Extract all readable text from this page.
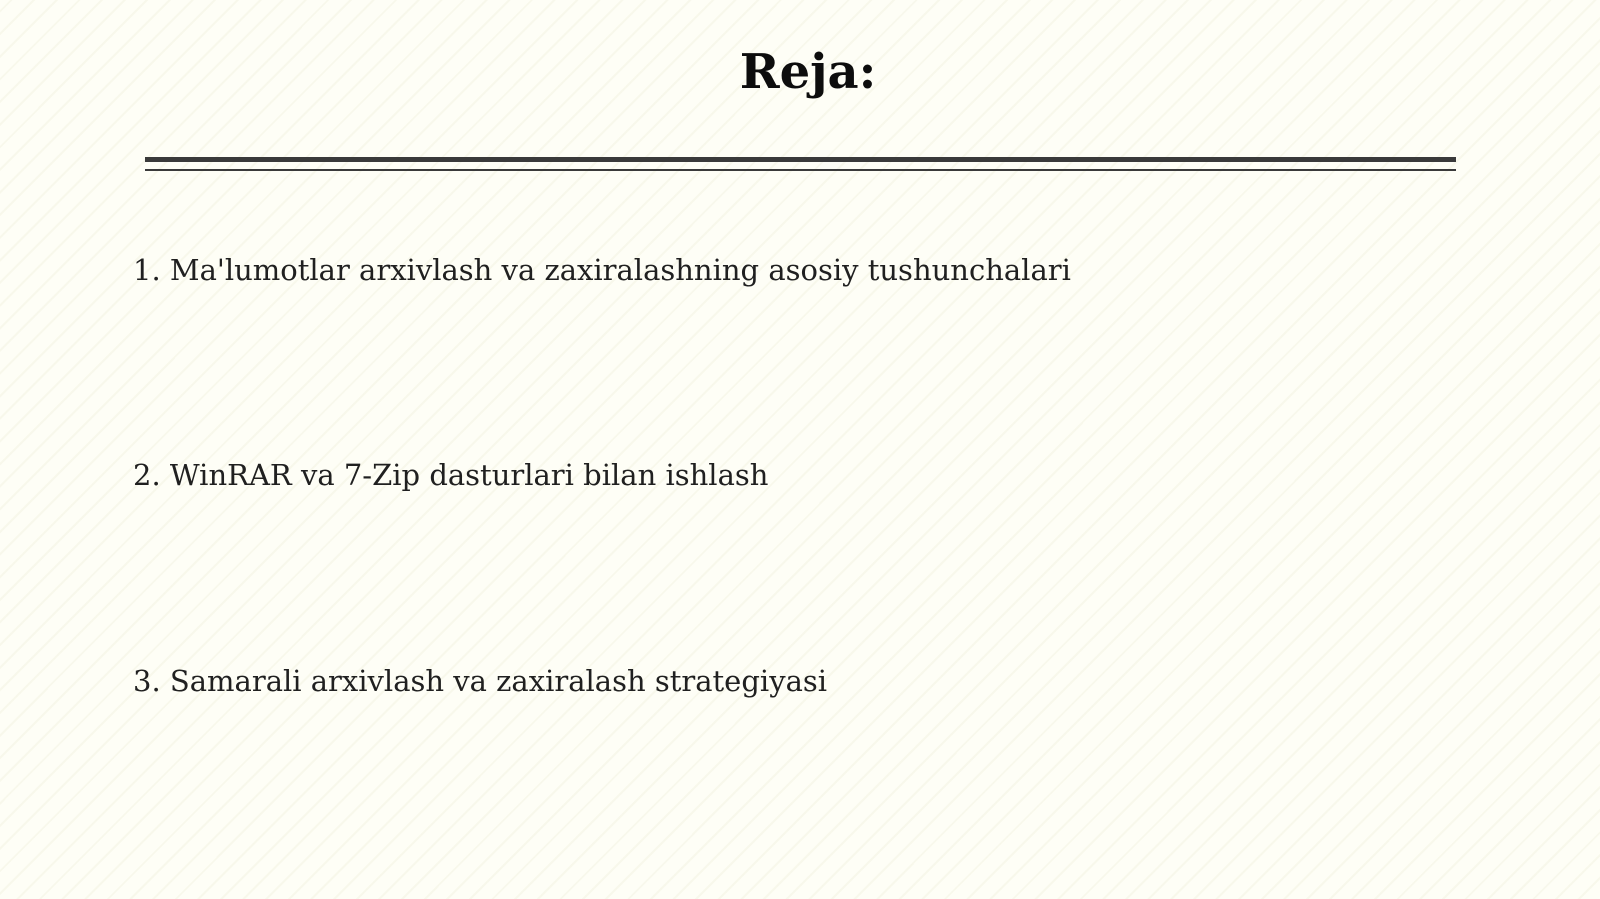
Reja:
1. Ma'lumotlar arxivlash va zaxiralashning asosiy tushunchalari
2. WinRAR va 7-Zip dasturlari bilan ishlash
3. Samarali arxivlash va zaxiralash strategiyasi
